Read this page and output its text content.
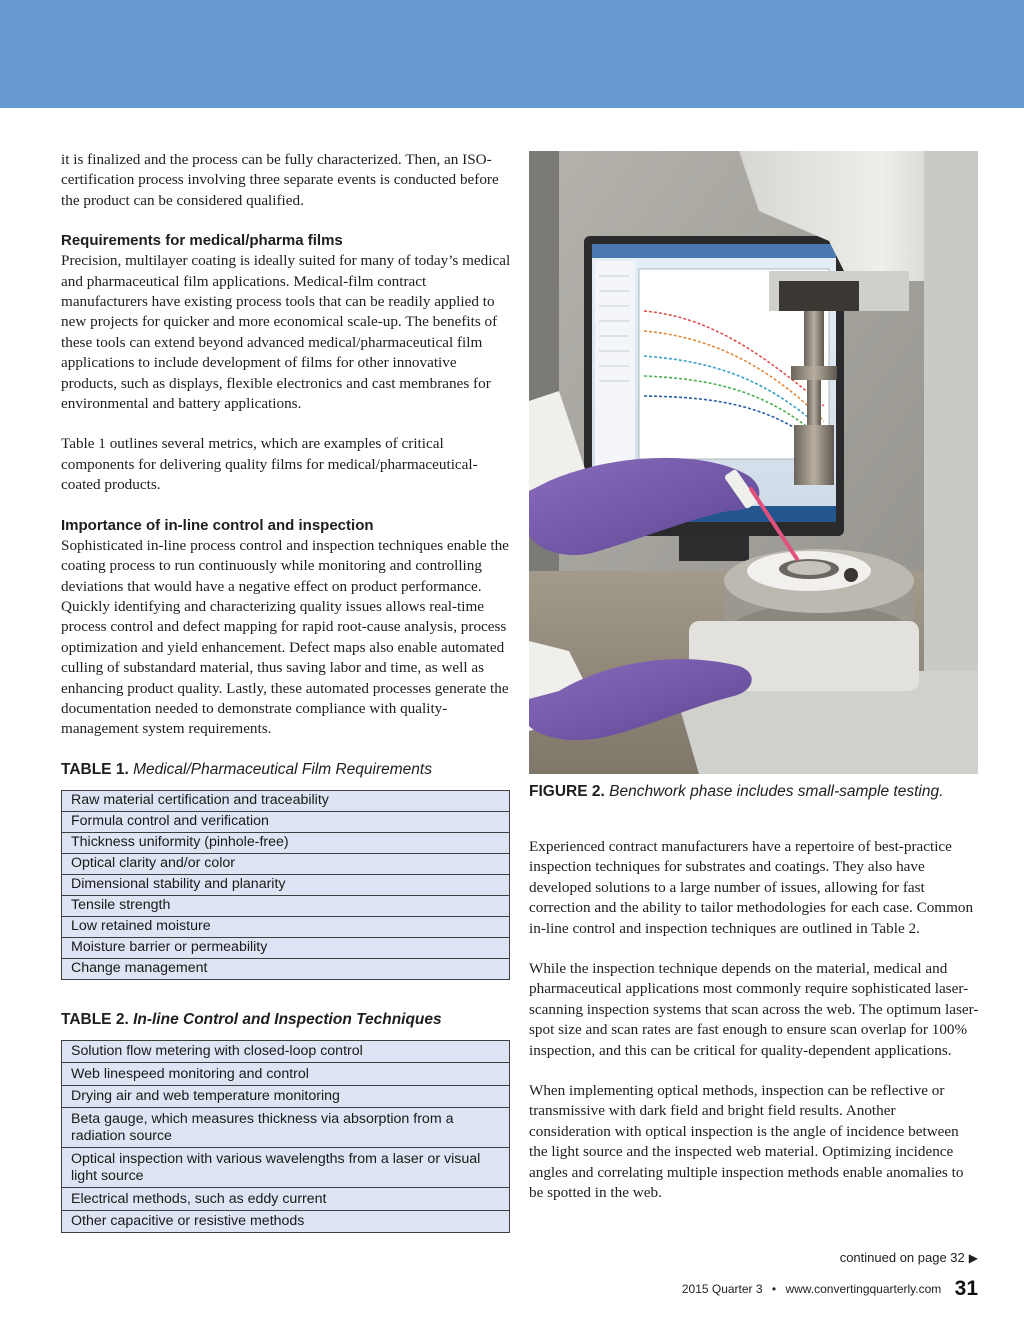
it is finalized and the process can be fully characterized. Then, an ISO-certification process involving three separate events is conducted before the product can be considered qualified.

Requirements for medical/pharma films
Precision, multilayer coating is ideally suited for many of today’s medical and pharmaceutical film applications. Medical-film contract manufacturers have existing process tools that can be readily applied to new projects for quicker and more economical scale-up. The benefits of these tools can extend beyond advanced medical/pharmaceutical film applications to include development of films for other innovative products, such as displays, flexible electronics and cast membranes for environmental and battery applications.

Table 1 outlines several metrics, which are examples of critical components for delivering quality films for medical/pharmaceutical-coated products.

Importance of in-line control and inspection
Sophisticated in-line process control and inspection techniques enable the coating process to run continuously while monitoring and controlling deviations that would have a negative effect on product performance. Quickly identifying and characterizing quality issues allows real-time process control and defect mapping for rapid root-cause analysis, process optimization and yield enhancement. Defect maps also enable automated culling of substandard material, thus saving labor and time, as well as enhancing product quality. Lastly, these automated processes generate the documentation needed to demonstrate compliance with quality-management system requirements.

TABLE 1. Medical/Pharmaceutical Film Requirements
Raw material certification and traceability
Formula control and verification
Thickness uniformity (pinhole-free)
Optical clarity and/or color
Dimensional stability and planarity
Tensile strength
Low retained moisture
Moisture barrier or permeability
Change management
TABLE 2. In-line Control and Inspection Techniques
Solution flow metering with closed-loop control
Web linespeed monitoring and control
Drying air and web temperature monitoring
Beta gauge, which measures thickness via absorption from a radiation source
Optical inspection with various wavelengths from a laser or visual light source
Electrical methods, such as eddy current
Other capacitive or resistive methods
FIGURE 2. Benchwork phase includes small-sample testing.

Experienced contract manufacturers have a repertoire of best-practice inspection techniques for substrates and coatings. They also have developed solutions to a large number of issues, allowing for fast correction and the ability to tailor methodologies for each case. Common in-line control and inspection techniques are outlined in Table 2.

While the inspection technique depends on the material, medical and pharmaceutical applications most commonly require sophisticated laser-scanning inspection systems that scan across the web. The optimum laser-spot size and scan rates are fast enough to ensure scan overlap for 100% inspection, and this can be critical for quality-dependent applications.

When implementing optical methods, inspection can be reflective or transmissive with dark field and bright field results. Another consideration with optical inspection is the angle of incidence between the light source and the inspected web material. Optimizing incidence angles and correlating multiple inspection methods enable anomalies to be spotted in the web.

continued on page 32 ▶
2015 Quarter 3 • www.convertingquarterly.com 31
